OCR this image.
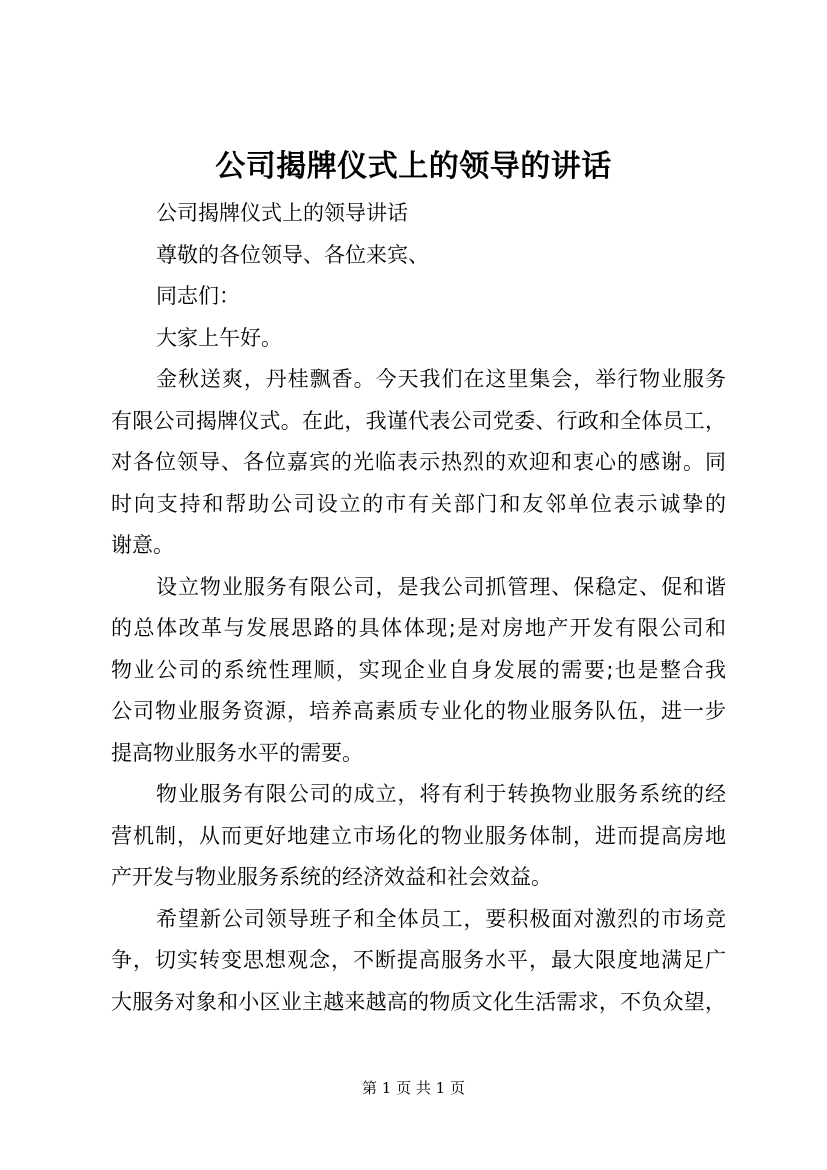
公司揭牌仪式上的领导的讲话

公司揭牌仪式上的领导讲话

尊敬的各位领导、各位来宾、

同志们：

大家上午好。

金秋送爽，丹桂飘香。今天我们在这里集会，举行物业服务

有限公司揭牌仪式。在此，我谨代表公司党委、行政和全体员工，

对各位领导、各位嘉宾的光临表示热烈的欢迎和衷心的感谢。同

时向支持和帮助公司设立的市有关部门和友邻单位表示诚挚的

谢意。

设立物业服务有限公司，是我公司抓管理、保稳定、促和谐

的总体改革与发展思路的具体体现;是对房地产开发有限公司和

物业公司的系统性理顺，实现企业自身发展的需要;也是整合我

公司物业服务资源，培养高素质专业化的物业服务队伍，进一步

提高物业服务水平的需要。

物业服务有限公司的成立，将有利于转换物业服务系统的经

营机制，从而更好地建立市场化的物业服务体制，进而提高房地

产开发与物业服务系统的经济效益和社会效益。

希望新公司领导班子和全体员工，要积极面对激烈的市场竞

争，切实转变思想观念，不断提高服务水平，最大限度地满足广

大服务对象和小区业主越来越高的物质文化生活需求，不负众望，

第 1 页 共 1 页
